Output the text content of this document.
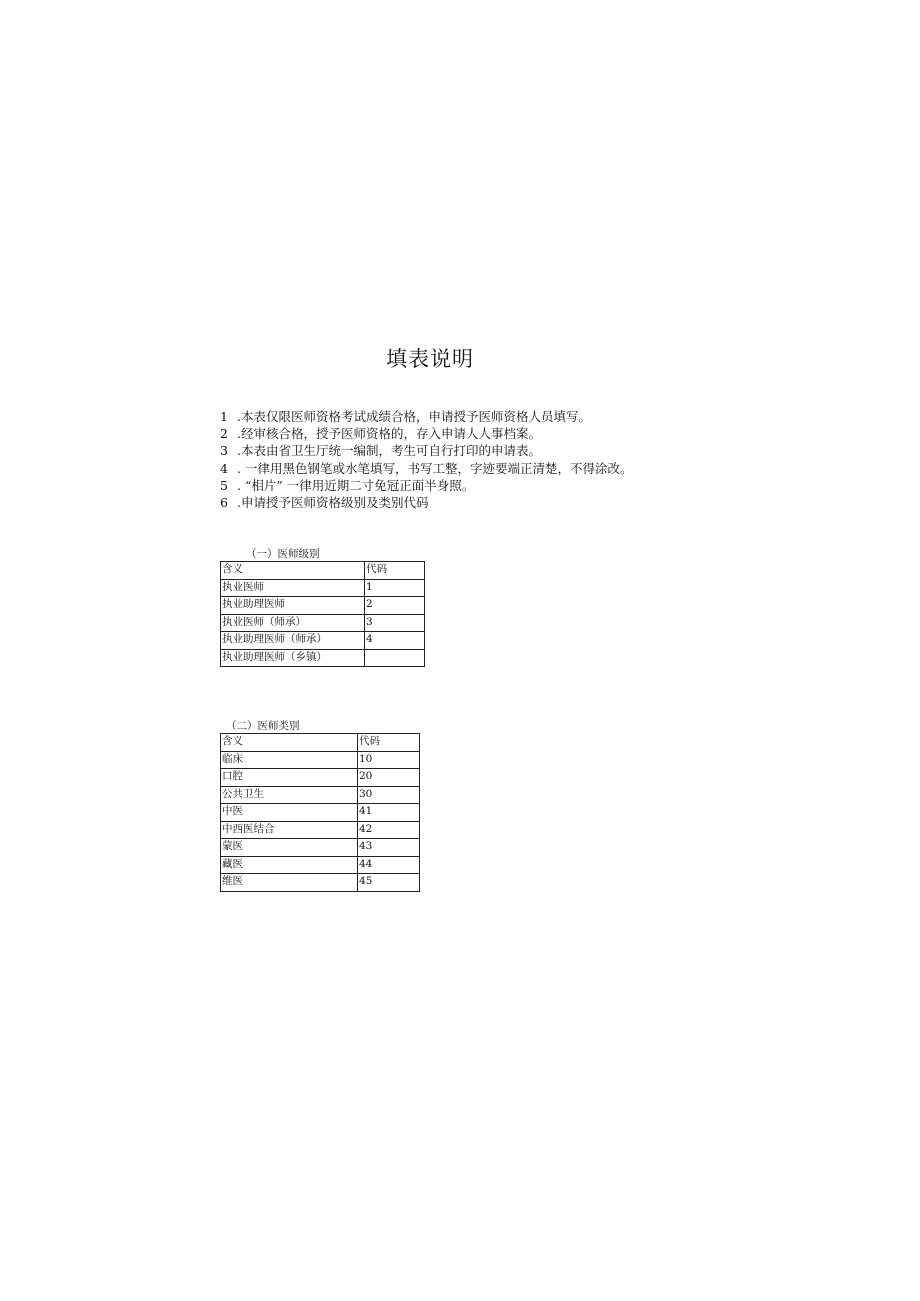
填表说明
1 .本表仅限医师资格考试成绩合格，申请授予医师资格人员填写。
2 .经审核合格，授予医师资格的，存入申请人人事档案。
3 .本表由省卫生厅统一编制，考生可自行打印的申请表。
4 . 一律用黑色钢笔或水笔填写，书写工整，字迹要端正清楚，不得涂改。
5 . “相片” 一律用近期二寸免冠正面半身照。
6 .申请授予医师资格级别及类别代码
（一）医师级别
含义	代码
执业医师	1
执业助理医师	2
执业医师（师承）	3
执业助理医师（师承）	4
执业助理医师（乡镇）	
（二）医师类别
含义	代码
临床	10
口腔	20
公共卫生	30
中医	41
中西医结合	42
蒙医	43
藏医	44
维医	45
